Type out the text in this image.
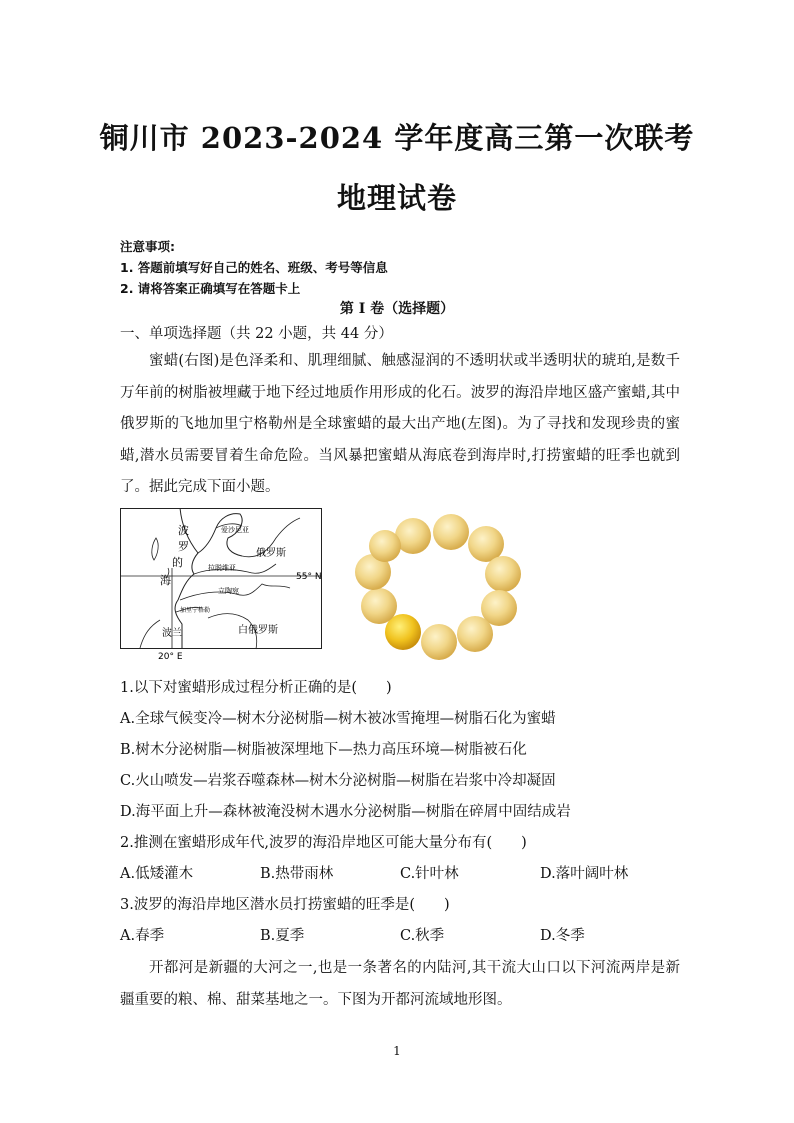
铜川市 2023-2024 学年度高三第一次联考
地理试卷
注意事项:
1. 答题前填写好自己的姓名、班级、考号等信息
2. 请将答案正确填写在答题卡上
第 I 卷（选择题）
一、单项选择题（共 22 小题，共 44 分）

蜜蜡(右图)是色泽柔和、肌理细腻、触感湿润的不透明状或半透明状的琥珀,是数千万年前的树脂被埋藏于地下经过地质作用形成的化石。波罗的海沿岸地区盛产蜜蜡,其中俄罗斯的飞地加里宁格勒州是全球蜜蜡的最大出产地(左图)。为了寻找和发现珍贵的蜜蜡,潜水员需要冒着生命危险。当风暴把蜜蜡从海底卷到海岸时,打捞蜜蜡的旺季也就到了。据此完成下面小题。

波
罗
的
海
爱沙尼亚
俄罗斯
拉脱维亚
立陶宛
加里宁格勒
波兰	白俄罗斯
55° N
20° E
1.以下对蜜蜡形成过程分析正确的是(　　)
A.全球气候变冷—树木分泌树脂—树木被冰雪掩埋—树脂石化为蜜蜡
B.树木分泌树脂—树脂被深埋地下—热力高压环境—树脂被石化
C.火山喷发—岩浆吞噬森林—树木分泌树脂—树脂在岩浆中冷却凝固
D.海平面上升—森林被淹没树木遇水分泌树脂—树脂在碎屑中固结成岩
2.推测在蜜蜡形成年代,波罗的海沿岸地区可能大量分布有(　　)
A.低矮灌木	B.热带雨林	C.针叶林	D.落叶阔叶林
3.波罗的海沿岸地区潜水员打捞蜜蜡的旺季是(　　)
A.春季	B.夏季	C.秋季	D.冬季

开都河是新疆的大河之一,也是一条著名的内陆河,其干流大山口以下河流两岸是新疆重要的粮、棉、甜菜基地之一。下图为开都河流域地形图。

1
